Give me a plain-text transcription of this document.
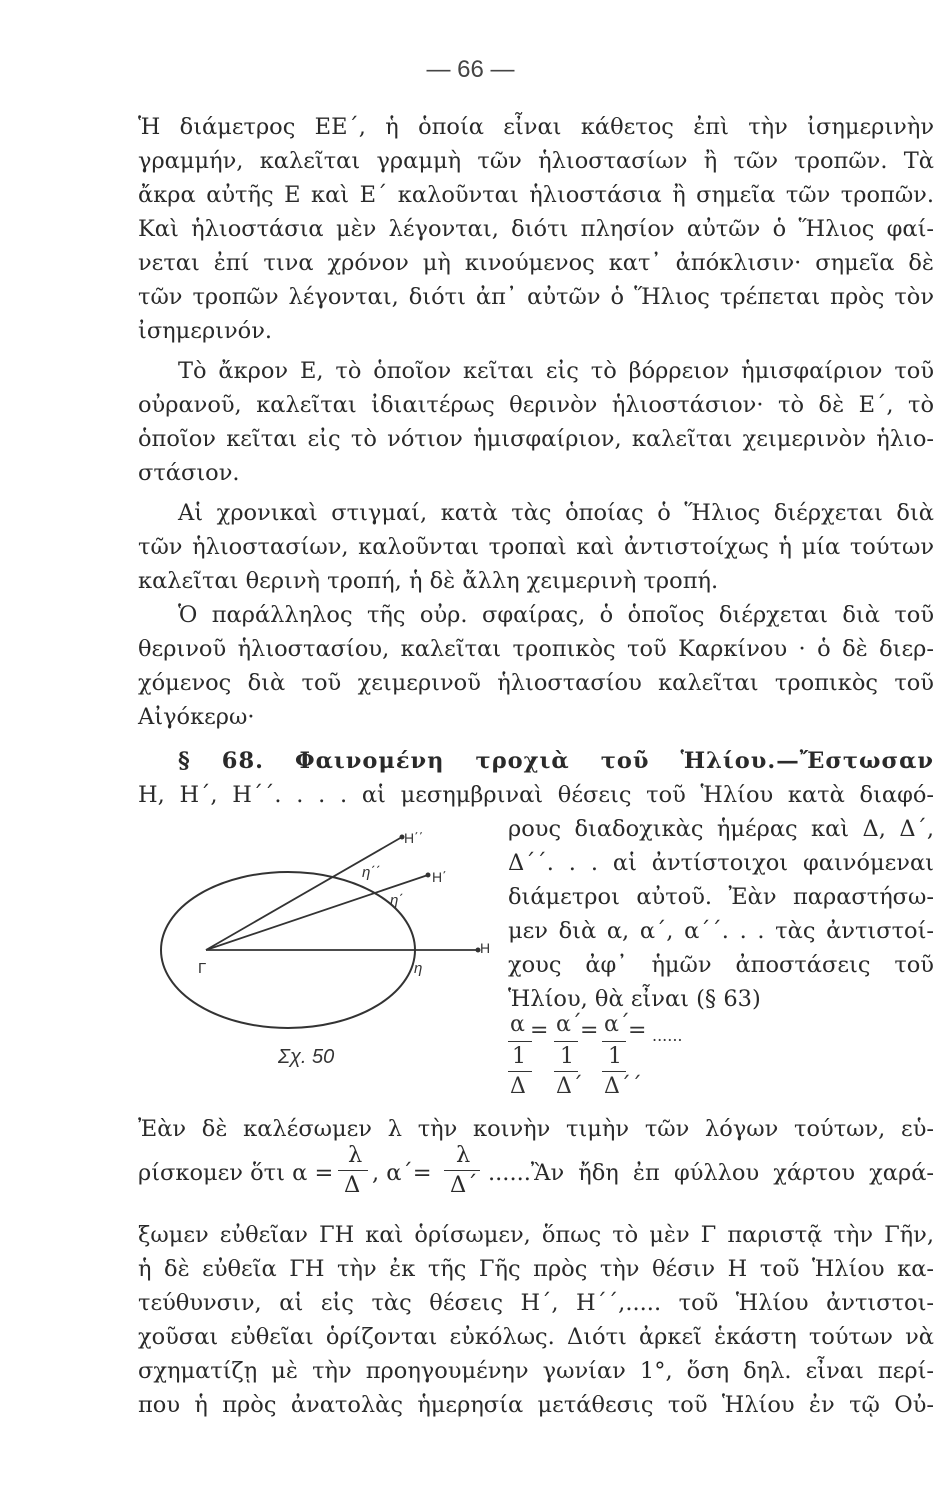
— 66 —
Ἡ διάμετρος ΕΕ΄, ἡ ὁποία εἶναι κάθετος ἐπὶ τὴν ἰσημερινὴν
γραμμήν, καλεῖται γραμμὴ τῶν ἡλιοστασίων ἢ τῶν τροπῶν. Τὰ
ἄκρα αὐτῆς Ε καὶ Ε΄ καλοῦνται ἡλιοστάσια ἢ σημεῖα τῶν τροπῶν.
Καὶ ἡλιοστάσια μὲν λέγονται, διότι πλησίον αὐτῶν ὁ Ἥλιος φαί-
νεται ἐπί τινα χρόνον μὴ κινούμενος κατ᾿ ἀπόκλισιν· σημεῖα δὲ
τῶν τροπῶν λέγονται, διότι ἀπ᾿ αὐτῶν ὁ Ἥλιος τρέπεται πρὸς τὸν
ἰσημερινόν.
Τὸ ἄκρον Ε, τὸ ὁποῖον κεῖται εἰς τὸ βόρρειον ἡμισφαίριον τοῦ
οὐρανοῦ, καλεῖται ἰδιαιτέρως θερινὸν ἡλιοστάσιον· τὸ δὲ Ε΄, τὸ
ὁποῖον κεῖται εἰς τὸ νότιον ἡμισφαίριον, καλεῖται χειμερινὸν ἡλιο-
στάσιον.
Αἱ χρονικαὶ στιγμαί, κατὰ τὰς ὁποίας ὁ Ἥλιος διέρχεται διὰ
τῶν ἡλιοστασίων, καλοῦνται τροπαὶ καὶ ἀντιστοίχως ἡ μία τούτων
καλεῖται θερινὴ τροπή, ἡ δὲ ἄλλη χειμερινὴ τροπή.
Ὁ παράλληλος τῆς οὐρ. σφαίρας, ὁ ὁποῖος διέρχεται διὰ τοῦ
θερινοῦ ἡλιοστασίου, καλεῖται τροπικὸς τοῦ Καρκίνου · ὁ δὲ διερ-
χόμενος διὰ τοῦ χειμερινοῦ ἡλιοστασίου καλεῖται τροπικὸς τοῦ
Αἰγόκερω·
§ 68. Φαινομένη τροχιὰ τοῦ Ἡλίου.—Ἔστωσαν
Η, Η΄, Η΄΄. . . . αἱ μεσημβριναὶ θέσεις τοῦ Ἡλίου κατὰ διαφό-
ρους διαδοχικὰς ἡμέρας καὶ Δ, Δ΄,
Δ΄΄. . . αἱ ἀντίστοιχοι φαινόμεναι
διάμετροι αὐτοῦ. Ἐὰν παραστήσω-
μεν διὰ α, α΄, α΄΄. . . τὰς ἀντιστοί-
χους ἀφ᾿ ἡμῶν ἀποστάσεις τοῦ
Ἡλίου, θὰ εἶναι (§ 63)
α = α΄
= α΄
= ......
1 1 1
Δ Δ΄ Δ΄΄
Γ
Η
Η΄
Η΄΄
η
η΄
η΄΄
Σχ. 50
Ἐὰν δὲ καλέσωμεν λ τὴν κοινὴν τιμὴν τῶν λόγων τούτων, εὑ-
ρίσκομεν ὅτι α =
λ
Δ , α΄=
λ
Δ΄ ......Ἂν ἤδη ἐπ φύλλου χάρτου χαρά-
ξωμεν εὐθεῖαν ΓΗ καὶ ὁρίσωμεν, ὅπως τὸ μὲν Γ παριστᾷ τὴν Γῆν,
ἡ δὲ εὐθεῖα ΓΗ τὴν ἐκ τῆς Γῆς πρὸς τὴν θέσιν Η τοῦ Ἡλίου κα-
τεύθυνσιν, αἱ εἰς τὰς θέσεις Η΄, Η΄΄,..... τοῦ Ἡλίου ἀντιστοι-
χοῦσαι εὐθεῖαι ὁρίζονται εὐκόλως. Διότι ἀρκεῖ ἑκάστη τούτων νὰ
σχηματίζῃ μὲ τὴν προηγουμένην γωνίαν 1°, ὅση δηλ. εἶναι περί-
που ἡ πρὸς ἀνατολὰς ἡμερησία μετάθεσις τοῦ Ἡλίου ἐν τῷ Οὐ-
